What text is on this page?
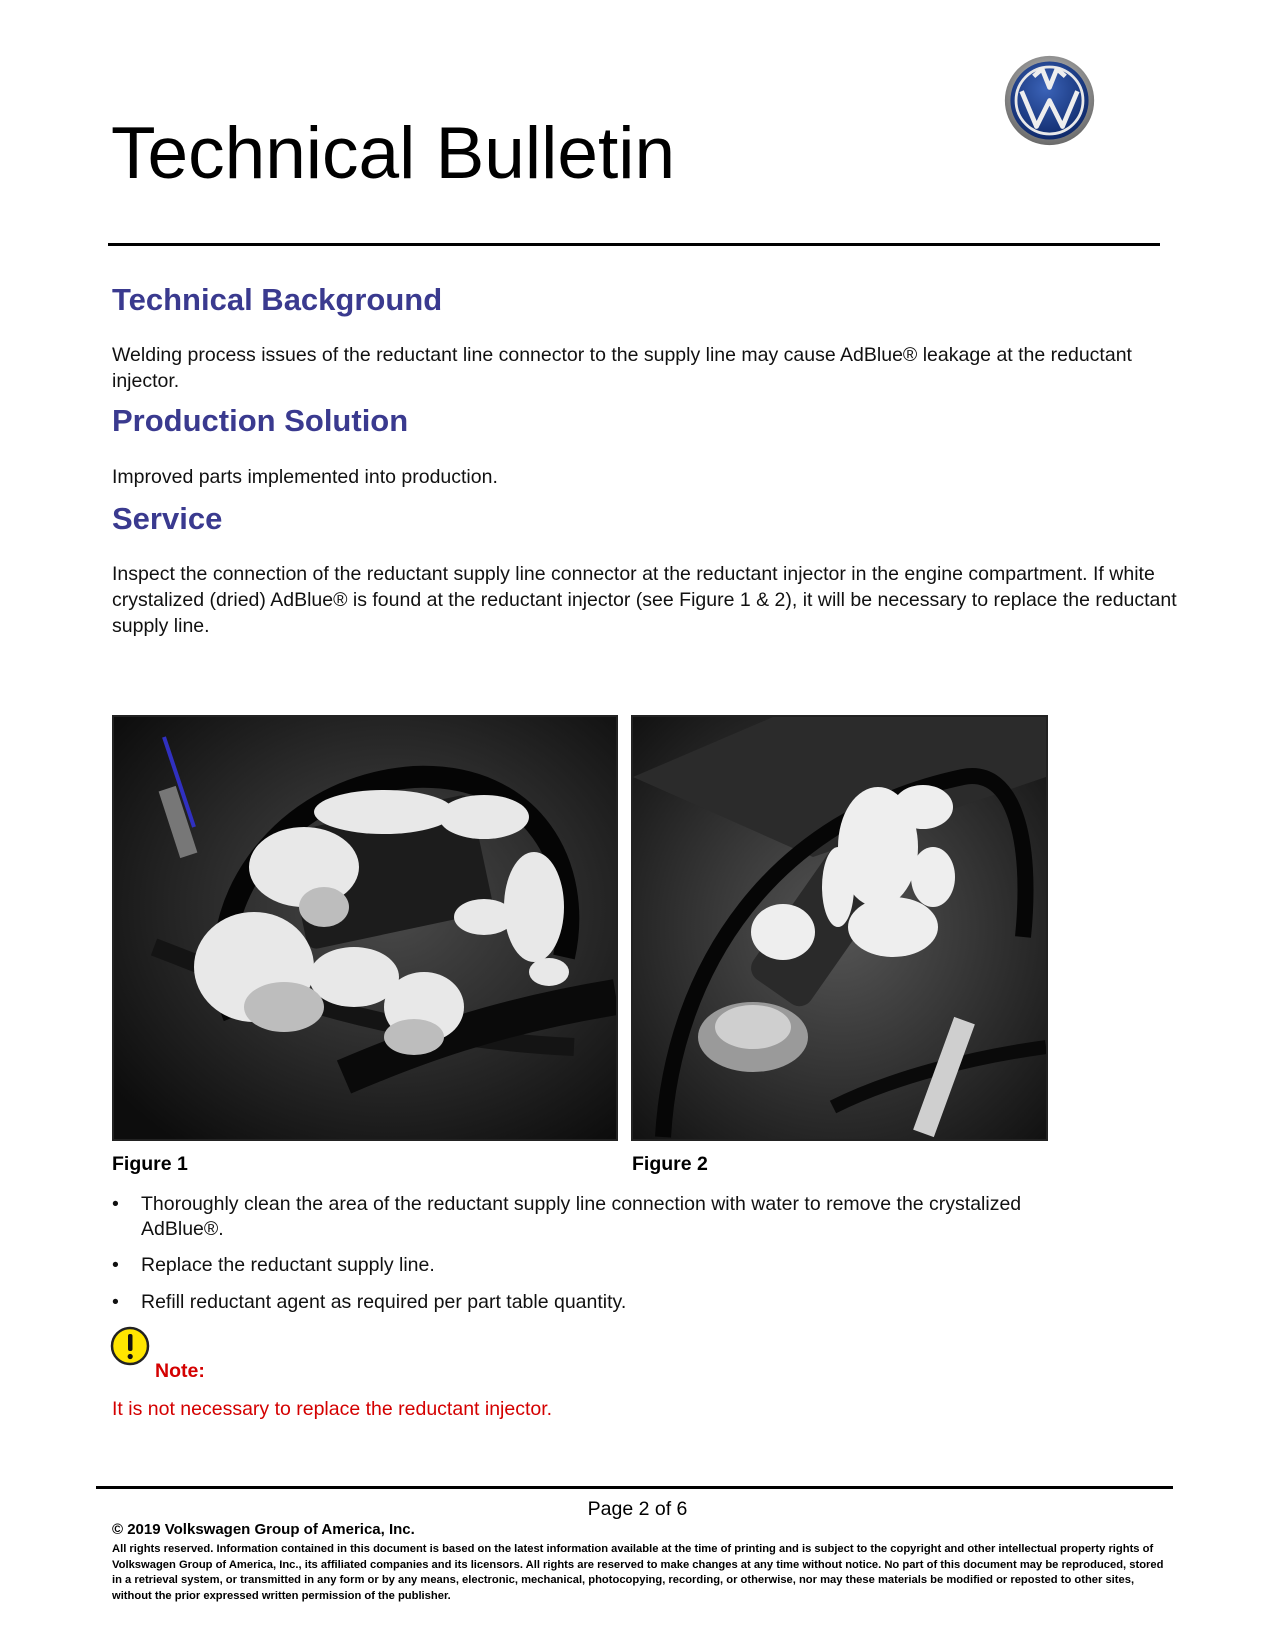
Technical Bulletin
Technical Background
Welding process issues of the reductant line connector to the supply line may cause AdBlue® leakage at the reductant injector.
Production Solution
Improved parts implemented into production.
Service
Inspect the connection of the reductant supply line connector at the reductant injector in the engine compartment. If white crystalized (dried) AdBlue® is found at the reductant injector (see Figure 1 & 2), it will be necessary to replace the reductant supply line.
Figure 1	Figure 2
• Thoroughly clean the area of the reductant supply line connection with water to remove the crystalized AdBlue®.
• Replace the reductant supply line.
• Refill reductant agent as required per part table quantity.
Note:
It is not necessary to replace the reductant injector.
Page 2 of 6
© 2019 Volkswagen Group of America, Inc.
All rights reserved. Information contained in this document is based on the latest information available at the time of printing and is subject to the copyright and other intellectual property rights of Volkswagen Group of America, Inc., its affiliated companies and its licensors. All rights are reserved to make changes at any time without notice. No part of this document may be reproduced, stored in a retrieval system, or transmitted in any form or by any means, electronic, mechanical, photocopying, recording, or otherwise, nor may these materials be modified or reposted to other sites, without the prior expressed written permission of the publisher.
